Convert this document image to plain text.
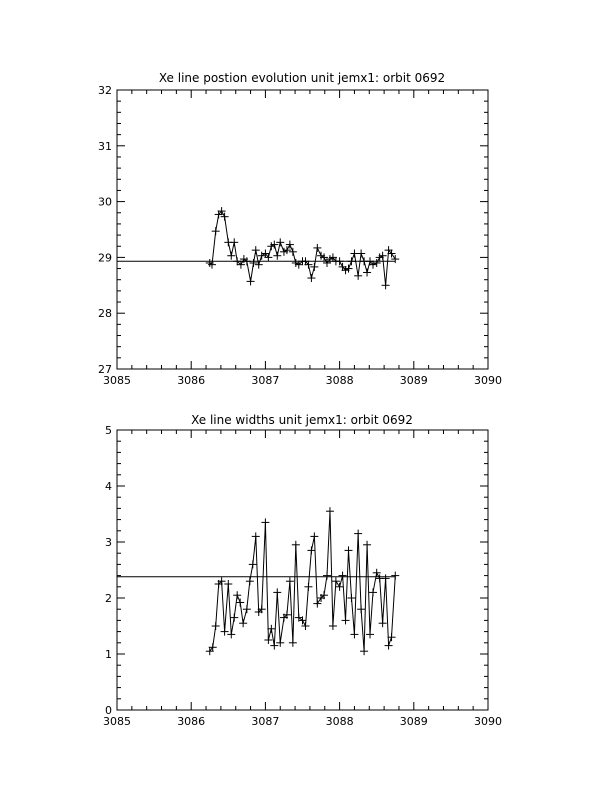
Xe line postion evolution unit jemx1: orbit 0692
3085	3086	3087	3088	3089	3090
27
28
29
30
31
32
Xe line widths unit jemx1: orbit 0692
3085	3086	3087	3088	3089	3090
0
1
2
3
4
5
